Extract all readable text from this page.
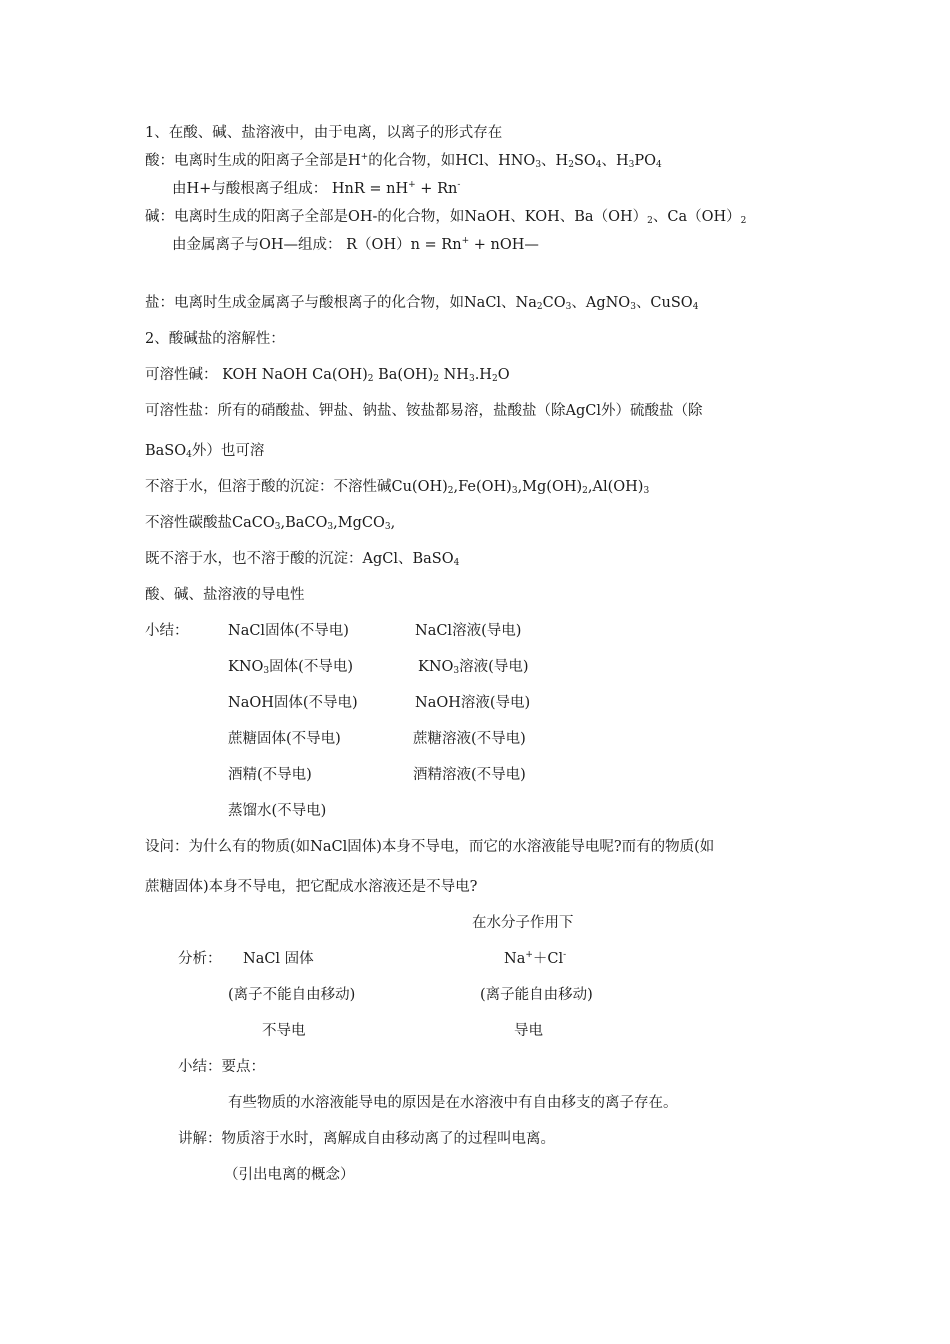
1、在酸、碱、盐溶液中，由于电离，以离子的形式存在
酸：电离时生成的阳离子全部是H+的化合物，如HCl、$HNO_3$、$H_2SO_4$、$H_3PO_4$
由H+与酸根离子组成： HnR = nH+ + Rn-
碱：电离时生成的阳离子全部是OH-的化合物，如NaOH、KOH、$Ba(OH)_2$、$Ca(OH)_2$
由金属离子与OH—组成： R（OH）n = Rn+ + nOH—
盐：电离时生成金属离子与酸根离子的化合物，如NaCl、$Na_2CO_3$、AgNO$_3$、CuSO$_4$
2、酸碱盐的溶解性：
可溶性碱： KOH NaOH $Ca(OH)_2$ $Ba(OH)_2$ $NH_3.H_2O$
可溶性盐：所有的硝酸盐、钾盐、钠盐、铵盐都易溶，盐酸盐（除AgCl外）硫酸盐（除
BaSO$_4$外）也可溶
不溶于水，但溶于酸的沉淀：不溶性碱$Cu(OH)_2,Fe(OH)_3,Mg(OH)_2,Al(OH)_3$
不溶性碳酸盐CaCO$_3$,BaCO$_3$,MgCO$_3$,
既不溶于水，也不溶于酸的沉淀：AgCl、BaSO$_4$
酸、碱、盐溶液的导电性
小结：	NaCl固体(不导电)	NaCl溶液(导电)
$KNO_3$固体(不导电)	$KNO_3$溶液(导电)
NaOH固体(不导电)	NaOH溶液(导电)
蔗糖固体(不导电)	蔗糖溶液(不导电)
酒精(不导电)	酒精溶液(不导电)
蒸馏水(不导电)
设问：为什么有的物质(如NaCl固体)本身不导电，而它的水溶液能导电呢?而有的物质(如
蔗糖固体)本身不导电，把它配成水溶液还是不导电?
在水分子作用下
分析： NaCl 固体	Na+＋Cl-
(离子不能自由移动)	(离子能自由移动)
不导电	导电
小结：要点：
有些物质的水溶液能导电的原因是在水溶液中有自由移支的离子存在。
讲解：物质溶于水时，离解成自由移动离了的过程叫电离。
（引出电离的概念）
